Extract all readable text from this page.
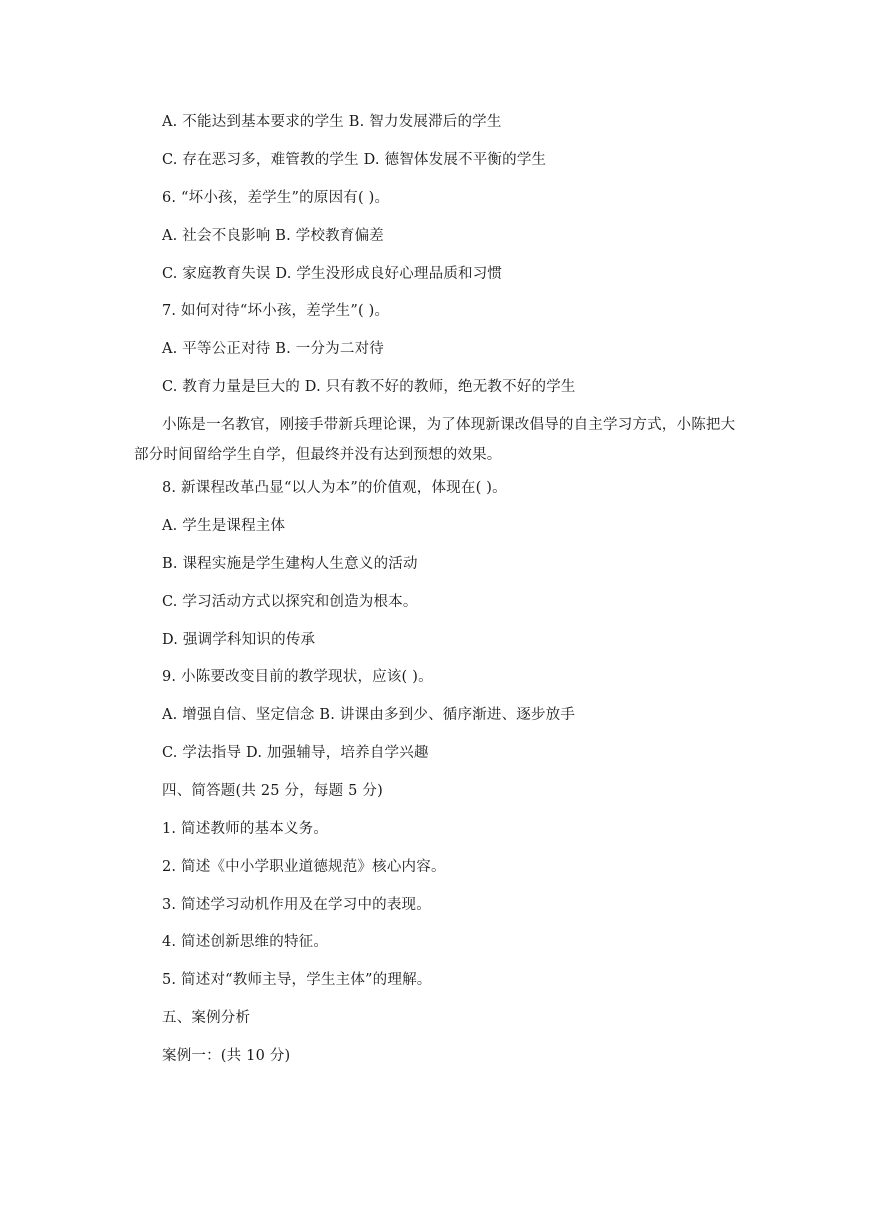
A. 不能达到基本要求的学生 B. 智力发展滞后的学生
C. 存在恶习多，难管教的学生 D. 德智体发展不平衡的学生
6. “坏小孩，差学生”的原因有( )。
A. 社会不良影响 B. 学校教育偏差
C. 家庭教育失误 D. 学生没形成良好心理品质和习惯
7. 如何对待“坏小孩，差学生”( )。
A. 平等公正对待 B. 一分为二对待
C. 教育力量是巨大的 D. 只有教不好的教师，绝无教不好的学生
小陈是一名教官，刚接手带新兵理论课，为了体现新课改倡导的自主学习方式，小陈把大部分时间留给学生自学，但最终并没有达到预想的效果。
8. 新课程改革凸显“以人为本”的价值观，体现在( )。
A. 学生是课程主体
B. 课程实施是学生建构人生意义的活动
C. 学习活动方式以探究和创造为根本。
D. 强调学科知识的传承
9. 小陈要改变目前的教学现状，应该( )。
A. 增强自信、坚定信念 B. 讲课由多到少、循序渐进、逐步放手
C. 学法指导 D. 加强辅导，培养自学兴趣
四、简答题(共 25 分，每题 5 分)
1. 简述教师的基本义务。
2. 简述《中小学职业道德规范》核心内容。
3. 简述学习动机作用及在学习中的表现。
4. 简述创新思维的特征。
5. 简述对“教师主导，学生主体”的理解。
五、案例分析
案例一：(共 10 分)
